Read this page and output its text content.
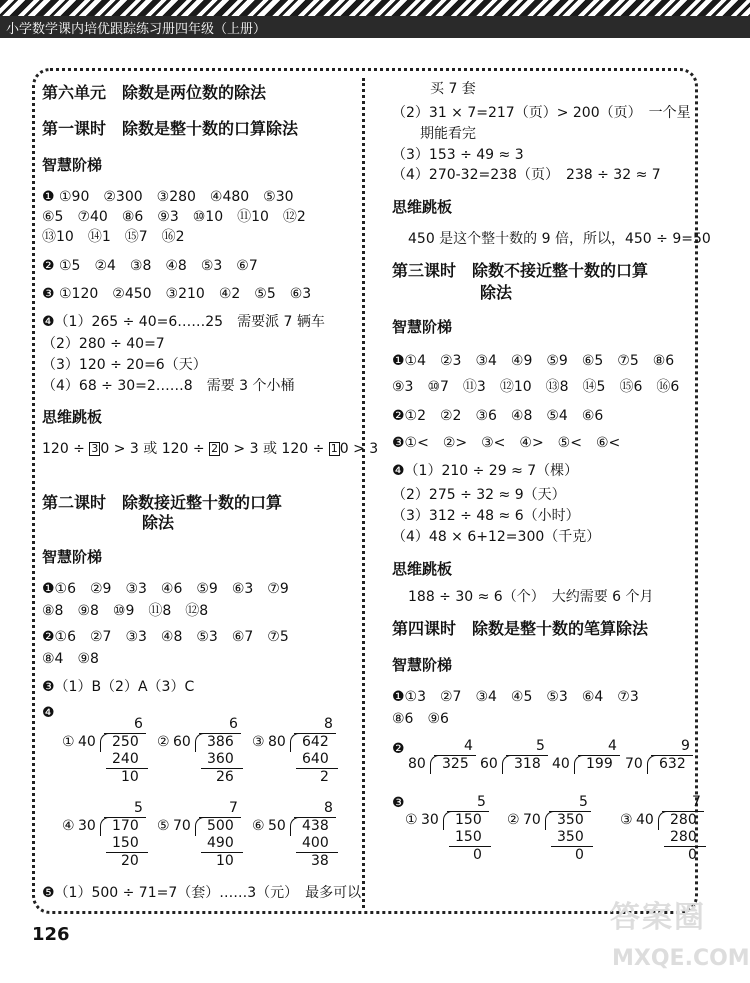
小学数学课内培优跟踪练习册四年级（上册）
第六单元　除数是两位数的除法
第一课时　除数是整十数的口算除法
智慧阶梯
❶ ①90　②300　③280　④480　⑤30
⑥5　⑦40　⑧6　⑨3　⑩10　⑪10　⑫2
⑬10　⑭1　⑮7　⑯2
❷ ①5　②4　③8　④8　⑤3　⑥7
❸ ①120　②450　③210　④2　⑤5　⑥3
❹（1）265 ÷ 40=6……25　需要派 7 辆车
（2）280 ÷ 40=7
（3）120 ÷ 20=6（天）
（4）68 ÷ 30=2……8　需要 3 个小桶
思维跳板
120 ÷ 3 0 > 3 或 120 ÷ 2 0 > 3 或 120 ÷ 1 0 > 3
第二课时　除数接近整十数的口算
除法
智慧阶梯
❶①6　②9　③3　④6　⑤9　⑥3　⑦9
⑧8　⑨8　⑩9　⑪8　⑫8
❷①6　②7　③3　④8　⑤3　⑥7　⑦5
⑧4　⑨8
❸（1）B（2）A（3）C
❹
❺（1）500 ÷ 71=7（套）……3（元）　最多可以
买 7 套
（2）31 × 7=217（页）> 200（页）　一个星
期能看完
（3）153 ÷ 49 ≈ 3
（4）270-32=238（页）　238 ÷ 32 ≈ 7
思维跳板
450 是这个整十数的 9 倍，所以，450 ÷ 9=50
第三课时　除数不接近整十数的口算
除法
智慧阶梯
❶①4　②3　③4　④9　⑤9　⑥5　⑦5　⑧6
⑨3　⑩7　⑪3　⑫10　⑬8　⑭5　⑮6　⑯6
❷①2　②2　③6　④8　⑤4　⑥6
❸①<　②>　③<　④>　⑤<　⑥<
❹（1）210 ÷ 29 ≈ 7（棵）
（2）275 ÷ 32 ≈ 9（天）
（3）312 ÷ 48 ≈ 6（小时）
（4）48 × 6+12=300（千克）
思维跳板
188 ÷ 30 ≈ 6（个）　大约需要 6 个月
第四课时　除数是整十数的笔算除法
智慧阶梯
❶①3　②7　③4　④5　⑤3　⑥4　⑦3
⑧6　⑨6
❷
❸
① 40
6
250
240
10
② 60
6
386
360
26
③ 80
8
642
640
2
④ 30
5
170
150
20
⑤ 70
7
500
490
10
⑥ 50
8
438
400
38
80
4
325 60
5
318 40
4
199 70
9
632
① 30
5
150
150
0
② 70
5
350
350
0
③ 40
7
280
280
0
126	答案圈
MXQE.COM
